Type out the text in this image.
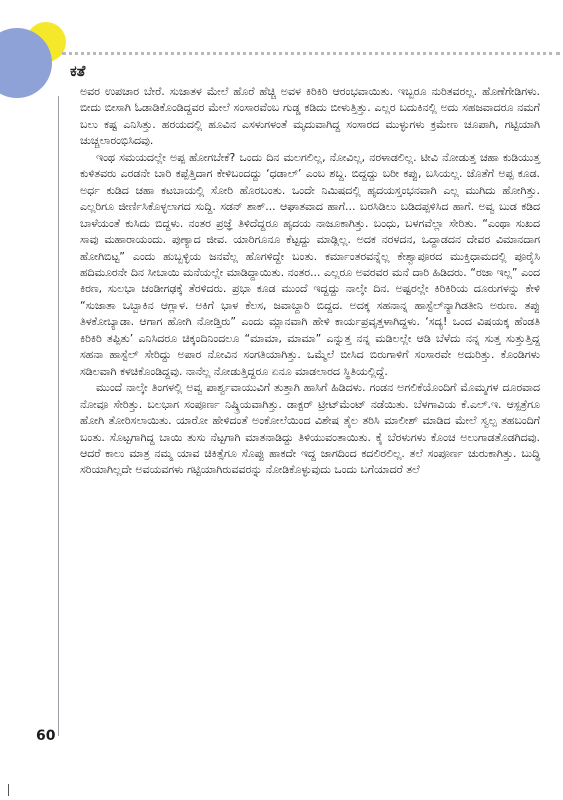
ಕತೆ

ಅವರ ಉಪಚಾರ ಬೇರೆ. ಸುಜಾತಳ ಮೇಲೆ ಹೊರೆ ಹೆಚ್ಚಿ ಅವಳ ಕಿರಿಕಿರಿ ಆರಂಭವಾಯಿತು. ಇಬ್ಬರೂ ನುರಿತವರಲ್ಲ. ಹೊಣೆಗೇಡಿಗಳು. ಬೀದು ಬೀಸಾಗಿ ಓಡಾಡಿಕೊಂಡಿದ್ದವರ ಮೇಲೆ ಸಂಸಾರವೆಂಬ ಗುಡ್ಡ ಕಡಿದು ಬೀಳುತ್ತಿತ್ತು. ಎಲ್ಲರ ಬದುಕಿನಲ್ಲಿ ಅದು ಸಹಜವಾದರೂ ನಮಗೆ ಬಲು ಕಷ್ಟ ಎನಿಸಿತ್ತು. ಹರಯದಲ್ಲಿ ಹೂವಿನ ಎಸಳುಗಳಂತೆ ಮೃದುವಾಗಿದ್ದ ಸಂಸಾರದ ಮುಳ್ಳುಗಳು ಕ್ರಮೇಣ ಚೂಪಾಗಿ, ಗಟ್ಟಿಯಾಗಿ ಚುಚ್ಚಲಾರಂಭಿಸಿದವು.

ಇಂಥ ಸಮಯದಲ್ಲೇ ಅಪ್ಪ ಹೋಗಬೇಕೆ? ಒಂದು ದಿನ ಮಲಗಲಿಲ್ಲ, ನೋವಿಲ್ಲ, ನರಳಾಡಲಿಲ್ಲ. ಟೀವಿ ನೋಡುತ್ತ ಚಹಾ ಕುಡಿಯುತ್ತ ಕುಳಿತವರು ಎರಡನೇ ಬಾರಿ ಕಪ್ಪೆತ್ತಿದಾಗ ಕೇಳಿಬಂದದ್ದು ‘ಧಡಾಲ್’ ಎಂಬ ಶಬ್ದ. ಬಿದ್ದದ್ದು ಬರೀ ಕಪ್ಪು, ಬಸಿಯಲ್ಲ. ಜೊತೆಗೆ ಅಪ್ಪ ಕೂಡ. ಅರ್ಧ ಕುಡಿದ ಚಹಾ ಕಟಬಾಯಲ್ಲಿ ಸೋರಿ ಹೊರಬಂತು. ಒಂದೇ ನಿಮಿಷದಲ್ಲಿ ಹೃದಯಸ್ತಂಭನವಾಗಿ ಎಲ್ಲ ಮುಗಿದು ಹೋಗಿತ್ತು. ಎಲ್ಲರಿಗೂ ಜೀರ್ಣಿಸಿಕೊಳ್ಳಲಾಗದ ಸುದ್ದಿ. ಸಡನ್ ಶಾಕ್... ಆಘಾತವಾದ ಹಾಗೆ... ಬರಸಿಡಿಲು ಬಡಿದಪ್ಪಳಿಸಿದ ಹಾಗೆ. ಅವ್ವ ಬುಡ ಕಡಿದ ಬಾಳೆಯಂತೆ ಕುಸಿದು ಬಿದ್ದಳು. ನಂತರ ಪ್ರಜ್ಞೆ ತಿಳಿದೆದ್ದರೂ ಹೃದಯ ನಾಜೂಕಾಗಿತ್ತು. ಬಂಧು, ಬಳಗವೆಲ್ಲಾ ಸೇರಿತು. “ಎಂಥಾ ಸುಖದ ಸಾವು ಮಹಾರಾಯಂದು. ಪುಣ್ಯಾದ ಜೀವ. ಯಾರಿಗೂನೂ ಕೆಟ್ಟದ್ದು ಮಾಡ್ಲಿಲ್ಲ. ಅದಕ ನರಳದನ, ಒದ್ದಾಡದನ ದೇವರ ವಿಮಾನದಾಗ ಹೋಗಿಬಿಟ್ಟ” ಎಂದು ಹುಬ್ಬಳ್ಳಿಯ ಜನವೆಲ್ಲ ಹೊಗಳಿದ್ದೇ ಬಂತು. ಕರ್ಮಾಂತರವನ್ನೆಲ್ಲ ಕೇಶ್ವಾಪೂರದ ಮುಕ್ತಿಧಾಮದಲ್ಲಿ ಪೂರೈಸಿ ಹದಿಮೂರನೇ ದಿನ ಸೀಬಾಯಿ ಮನೆಯಲ್ಲೇ ಮಾಡಿದ್ದಾಯಿತು. ನಂತರ... ಎಲ್ಲರೂ ಅವರವರ ಮನೆ ದಾರಿ ಹಿಡಿದರು. “ರಜಾ ಇಲ್ಲ” ಎಂದ ಕಿರಣ, ಸುಲಭಾ ಚಂಡೀಗಢಕ್ಕೆ ತೆರಳಿದರು. ಪ್ರಭಾ ಕೂಡ ಮುಂದೆ ಇದ್ದದ್ದು ನಾಲ್ಕೇ ದಿನ. ಅಷ್ಟರಲ್ಲೇ ಕಿರಿಕಿರಿಯ ದೂರುಗಳನ್ನು ಕೇಳಿ “ಸುಜಾತಾ ಒಬ್ಬಾಕಿನ ಆಗ್ಲಾಳ. ಅಕಿಗೆ ಭಾಳ ಕೆಲಸ, ಜವಾಬ್ದಾರಿ ಬಿದ್ದದ. ಅದಕ್ಕ ಸಹನಾನ್ನ ಹಾಸ್ಟೆಲ್‌ನ್ಯಾಗಿಡತೀನಿ ಅರುಣ. ತಪ್ಪು ತಿಳಕೋಬ್ಯಾಡಾ. ಆಗಾಗ ಹೋಗಿ ನೋಡ್ತಿರು” ಎಂದು ಮ್ಲಾನವಾಗಿ ಹೇಳಿ ಕಾರ್ಯಪ್ರವೃತ್ತಳಾಗಿದ್ದಳು. ‘ಸದ್ಯ! ಒಂದ ವಿಷಯಕ್ಕ ಹೆಂಡತಿ ಕಿರಿಕಿರಿ ತಪ್ಪಿತು’ ಎನಿಸಿದರೂ ಚಿಕ್ಕಂದಿನಿಂದಲೂ “ಮಾಮಾ, ಮಾಮಾ” ಎನ್ನುತ್ತ ನನ್ನ ಮಡಿಲಲ್ಲೇ ಆಡಿ ಬೆಳೆದು ನನ್ನ ಸುತ್ತ ಸುತ್ತುತ್ತಿದ್ದ ಸಹನಾ ಹಾಸ್ಟೆಲ್ ಸೇರಿದ್ದು ಅಪಾರ ನೋವಿನ ಸಂಗತಿಯಾಗಿತ್ತು. ಒಮ್ಮೆಲೆ ಬೀಸಿದ ಬಿರುಗಾಳಿಗೆ ಸಂಸಾರವೇ ಅದುರಿತ್ತು. ಕೊಂಡಿಗಳು ಸಡಿಲವಾಗಿ ಕಳಚಿಕೊಂಡಿದ್ದವು. ನಾನೆಲ್ಲ ನೋಡುತ್ತಿದ್ದರೂ ಏನೂ ಮಾಡಲಾರದ ಸ್ಥಿತಿಯಲ್ಲಿದ್ದೆ.

ಮುಂದೆ ನಾಲ್ಕೇ ತಿಂಗಳಲ್ಲಿ ಅವ್ವ ಪಾರ್ಶ್ವವಾಯುವಿಗೆ ತುತ್ತಾಗಿ ಹಾಸಿಗೆ ಹಿಡಿದಳು. ಗಂಡನ ಅಗಲಿಕೆಯೊಂದಿಗೆ ಮೊಮ್ಮಗಳ ದೂರವಾದ ನೋವೂ ಸೇರಿತ್ತು. ಬಲಭಾಗ ಸಂಪೂರ್ಣ ನಿಷ್ಕ್ರಿಯವಾಗಿತ್ತು. ಡಾಕ್ಟರ್ ಟ್ರೀಟ್‌ಮೆಂಟ್ ನಡೆಯಿತು. ಬೆಳಗಾವಿಯ ಕೆ.ಎಲ್.ಇ. ಆಸ್ಪತ್ರೆಗೂ ಹೋಗಿ ತೋರಿಸಲಾಯಿತು. ಯಾರೋ ಹೇಳಿದಂತೆ ಅಂಕೋಲೆಯಿಂದ ವಿಶೇಷ ತೈಲ ತರಿಸಿ ಮಾಲೀಶ್ ಮಾಡಿದ ಮೇಲೆ ಸ್ವಲ್ಪ ತಹಬಂದಿಗೆ ಬಂತು. ಸೊಟ್ಟಗಾಗಿದ್ದ ಬಾಯಿ ತುಸು ನೆಟ್ಟಗಾಗಿ ಮಾತನಾಡಿದ್ದು ತಿಳಿಯುವಂತಾಯಿತು. ಕೈ ಬೆರಳುಗಳು ಕೊಂಚ ಅಲುಗಾಡತೊಡಗಿದವು. ಆದರೆ ಕಾಲು ಮಾತ್ರ ನಮ್ಮ ಯಾವ ಚಿಕಿತ್ಸೆಗೂ ಸೊಪ್ಪು ಹಾಕದೇ ಇದ್ದ ಜಾಗದಿಂದ ಕದಲಿರಲಿಲ್ಲ. ತಲೆ ಸಂಪೂರ್ಣ ಚುರುಕಾಗಿತ್ತು. ಬುದ್ಧಿ ಸರಿಯಾಗಿಲ್ಲದೇ ಅವಯವಗಳು ಗಟ್ಟಿಯಾಗಿರುವವರನ್ನು ನೋಡಿಕೊಳ್ಳುವುದು ಒಂದು ಬಗೆಯಾದರೆ ತಲೆ

60
